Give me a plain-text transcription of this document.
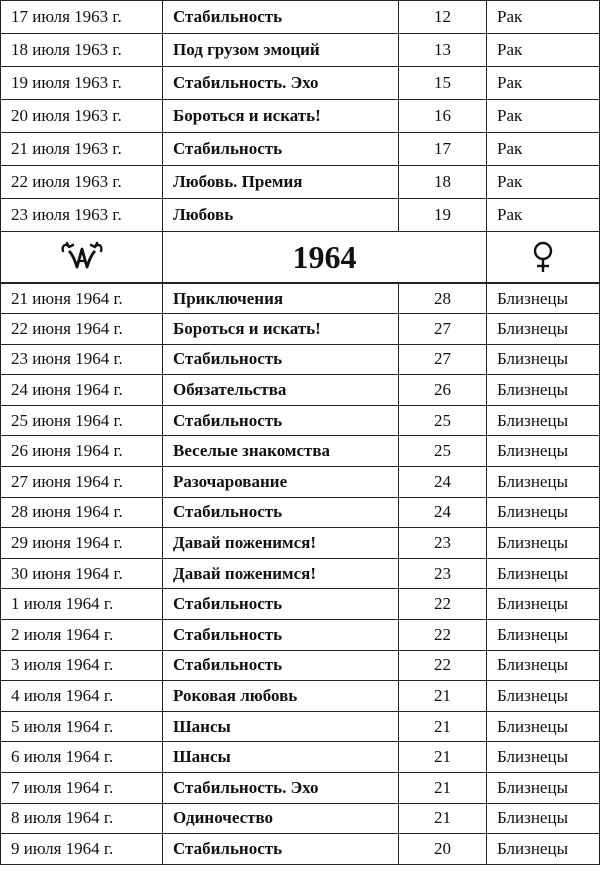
17 июля 1963 г.	Стабильность	12	Рак
18 июля 1963 г.	Под грузом эмоций	13	Рак
19 июля 1963 г.	Стабильность. Эхо	15	Рак
20 июля 1963 г.	Бороться и искать!	16	Рак
21 июля 1963 г.	Стабильность	17	Рак
22 июля 1963 г.	Любовь. Премия	18	Рак
23 июля 1963 г.	Любовь	19	Рак

	1964	

21 июня 1964 г.	Приключения	28	Близнецы
22 июня 1964 г.	Бороться и искать!	27	Близнецы
23 июня 1964 г.	Стабильность	27	Близнецы
24 июня 1964 г.	Обязательства	26	Близнецы
25 июня 1964 г.	Стабильность	25	Близнецы
26 июня 1964 г.	Веселые знакомства	25	Близнецы
27 июня 1964 г.	Разочарование	24	Близнецы
28 июня 1964 г.	Стабильность	24	Близнецы
29 июня 1964 г.	Давай поженимся!	23	Близнецы
30 июня 1964 г.	Давай поженимся!	23	Близнецы
1 июля 1964 г.	Стабильность	22	Близнецы
2 июля 1964 г.	Стабильность	22	Близнецы
3 июля 1964 г.	Стабильность	22	Близнецы
4 июля 1964 г.	Роковая любовь	21	Близнецы
5 июля 1964 г.	Шансы	21	Близнецы
6 июля 1964 г.	Шансы	21	Близнецы
7 июля 1964 г.	Стабильность. Эхо	21	Близнецы
8 июля 1964 г.	Одиночество	21	Близнецы
9 июля 1964 г.	Стабильность	20	Близнецы
